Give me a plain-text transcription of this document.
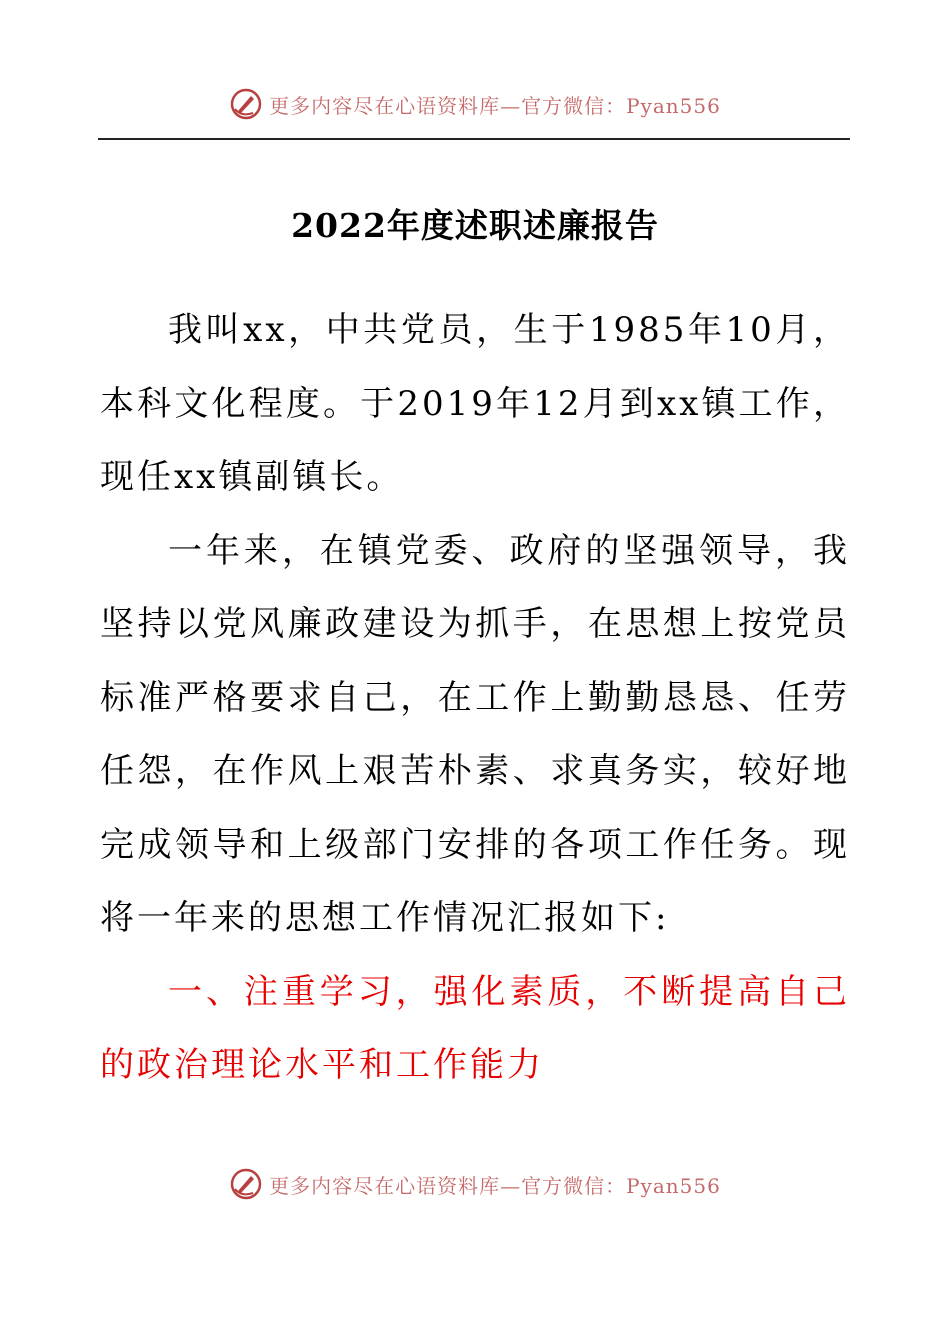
更多内容尽在心语资料库—官方微信：Pyan556
2022年度述职述廉报告

我叫xx，中共党员，生于1985年10月，本科文化程度。于2019年12月到xx镇工作，现任xx镇副镇长。

一年来，在镇党委、政府的坚强领导，我坚持以党风廉政建设为抓手，在思想上按党员标准严格要求自己，在工作上勤勤恳恳、任劳任怨，在作风上艰苦朴素、求真务实，较好地完成领导和上级部门安排的各项工作任务。现将一年来的思想工作情况汇报如下:

一、注重学习，强化素质，不断提高自己的政治理论水平和工作能力

更多内容尽在心语资料库—官方微信：Pyan556
